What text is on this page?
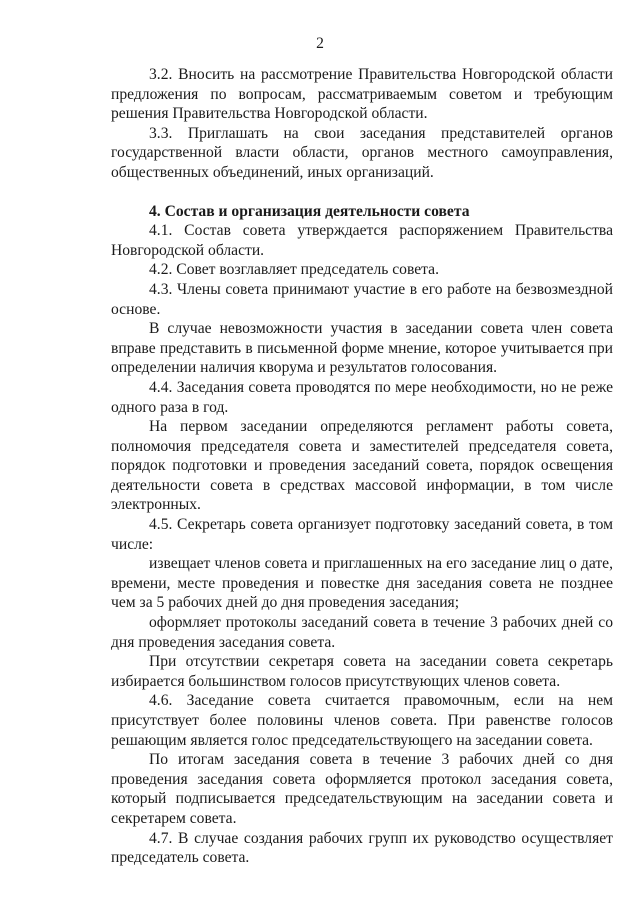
2

3.2. Вносить на рассмотрение Правительства Новгородской области предложения по вопросам, рассматриваемым советом и требующим решения Правительства Новгородской области.

3.3. Приглашать на свои заседания представителей органов государственной власти области, органов местного самоуправления, общественных объединений, иных организаций.

4. Состав и организация деятельности совета

4.1. Состав совета утверждается распоряжением Правительства Новгородской области.

4.2. Совет возглавляет председатель совета.

4.3. Члены совета принимают участие в его работе на безвозмездной основе.

В случае невозможности участия в заседании совета член совета вправе представить в письменной форме мнение, которое учитывается при определении наличия кворума и результатов голосования.

4.4. Заседания совета проводятся по мере необходимости, но не реже одного раза в год.

На первом заседании определяются регламент работы совета, полномочия председателя совета и заместителей председателя совета, порядок подготовки и проведения заседаний совета, порядок освещения деятельности совета в средствах массовой информации, в том числе электронных.

4.5. Секретарь совета организует подготовку заседаний совета, в том числе:

извещает членов совета и приглашенных на его заседание лиц о дате, времени, месте проведения и повестке дня заседания совета не позднее чем за 5 рабочих дней до дня проведения заседания;

оформляет протоколы заседаний совета в течение 3 рабочих дней со дня проведения заседания совета.

При отсутствии секретаря совета на заседании совета секретарь избирается большинством голосов присутствующих членов совета.

4.6. Заседание совета считается правомочным, если на нем присутствует более половины членов совета. При равенстве голосов решающим является голос председательствующего на заседании совета.

По итогам заседания совета в течение 3 рабочих дней со дня проведения заседания совета оформляется протокол заседания совета, который подписывается председательствующим на заседании совета и секретарем совета.

4.7. В случае создания рабочих групп их руководство осуществляет председатель совета.
